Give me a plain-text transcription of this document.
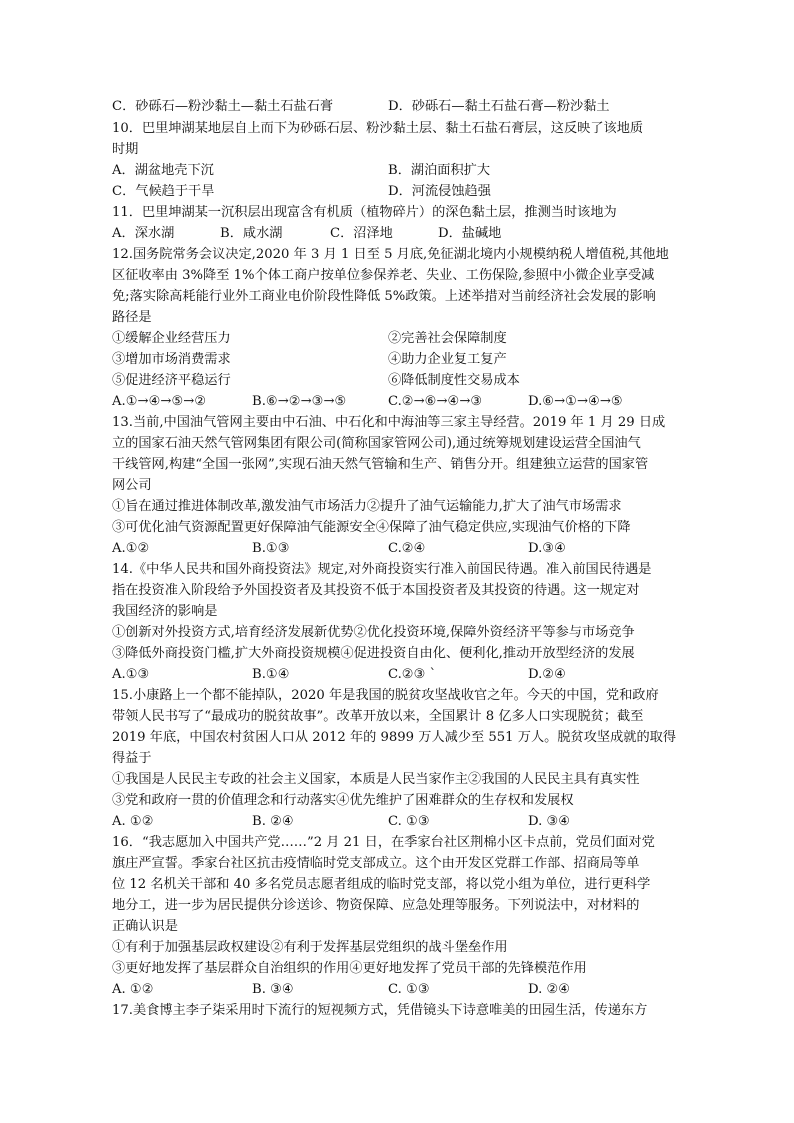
C．砂砾石—粉沙黏土—黏土石盐石膏	D．砂砾石—黏土石盐石膏—粉沙黏土
10．巴里坤湖某地层自上而下为砂砾石层、粉沙黏土层、黏土石盐石膏层，这反映了该地质
时期
A．湖盆地壳下沉	B．湖泊面积扩大
C．气候趋于干旱	D．河流侵蚀趋强
11．巴里坤湖某一沉积层出现富含有机质（植物碎片）的深色黏土层，推测当时该地为
A．深水湖	B．咸水湖	C．沼泽地	D．盐碱地
12.国务院常务会议决定,2020 年 3 月 1 日至 5 月底,免征湖北境内小规模纳税人增值税,其他地
区征收率由 3%降至 1%个体工商户按单位参保养老、失业、工伤保险,参照中小微企业享受减
免;落实除高耗能行业外工商业电价阶段性降低 5%政策。上述举措对当前经济社会发展的影响
路径是
①缓解企业经营压力	②完善社会保障制度
③增加市场消费需求	④助力企业复工复产
⑤促进经济平稳运行	⑥降低制度性交易成本
A.①→④→⑤→②	B.⑥→②→③→⑤	C.②→⑥→④→③	D.⑥→①→④→⑤
13.当前,中国油气管网主要由中石油、中石化和中海油等三家主导经营。2019 年 1 月 29 日成
立的国家石油天然气管网集团有限公司(简称国家管网公司),通过统筹规划建设运营全国油气
干线管网,构建“全国一张网”,实现石油天然气管输和生产、销售分开。组建独立运营的国家管
网公司
①旨在通过推进体制改革,激发油气市场活力②提升了油气运输能力,扩大了油气市场需求
③可优化油气资源配置更好保障油气能源安全④保障了油气稳定供应,实现油气价格的下降
A.①②	B.①③	C.②④	D.③④
14.《中华人民共和国外商投资法》规定,对外商投资实行准入前国民待遇。准入前国民待遇是
指在投资准入阶段给予外国投资者及其投资不低于本国投资者及其投资的待遇。这一规定对
我国经济的影响是
①创新对外投资方式,培育经济发展新优势②优化投资环境,保障外资经济平等参与市场竞争
③降低外商投资门槛,扩大外商投资规模④促进投资自由化、便利化,推动开放型经济的发展
A.①③	B.①④	C.②③ `	D.②④
15.小康路上一个都不能掉队，2020 年是我国的脱贫攻坚战收官之年。今天的中国，党和政府
带领人民书写了“最成功的脱贫故事”。改革开放以来，全国累计 8 亿多人口实现脱贫；截至
2019 年底，中国农村贫困人口从 2012 年的 9899 万人减少至 551 万人。脱贫攻坚成就的取得
得益于
①我国是人民民主专政的社会主义国家，本质是人民当家作主②我国的人民民主具有真实性
③党和政府一贯的价值理念和行动落实④优先维护了困难群众的生存权和发展权
A. ①②	B. ②④	C. ①③	D. ③④
16．“我志愿加入中国共产党……”2 月 21 日，在季家台社区荆棉小区卡点前，党员们面对党
旗庄严宣誓。季家台社区抗击疫情临时党支部成立。这个由开发区党群工作部、招商局等单
位 12 名机关干部和 40 多名党员志愿者组成的临时党支部，将以党小组为单位，进行更科学
地分工，进一步为居民提供分诊送诊、物资保障、应急处理等服务。下列说法中，对材料的
正确认识是
①有利于加强基层政权建设②有利于发挥基层党组织的战斗堡垒作用
③更好地发挥了基层群众自治组织的作用④更好地发挥了党员干部的先锋模范作用
A. ①②	B. ③④	C. ①③	D. ②④
17.美食博主李子柒采用时下流行的短视频方式，凭借镜头下诗意唯美的田园生活，传递东方
